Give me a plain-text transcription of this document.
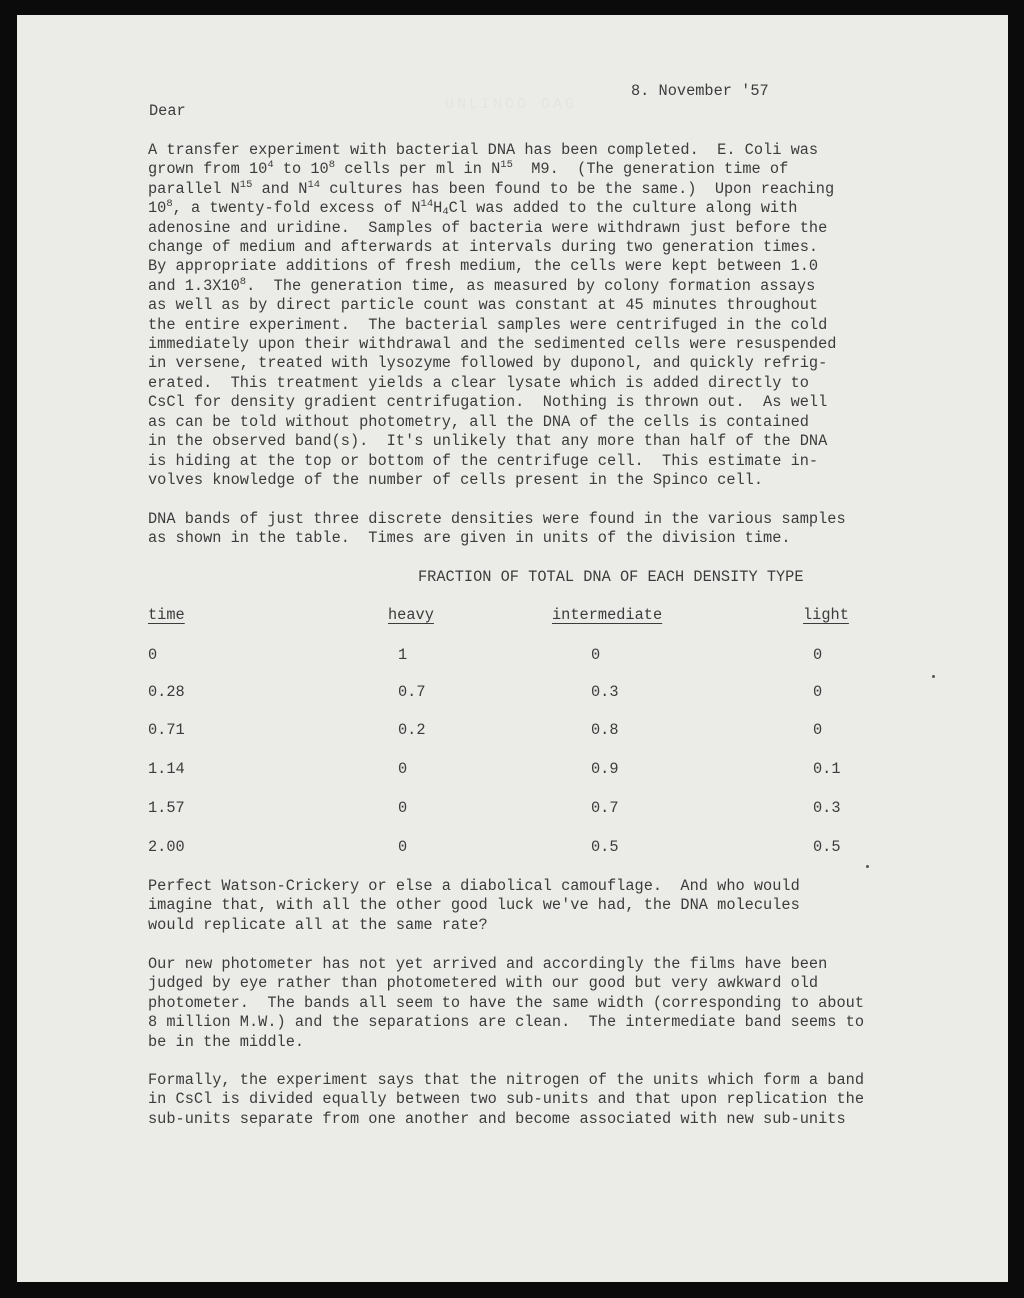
UNLINOO DAG
8. November '57
Dear
A transfer experiment with bacterial DNA has been completed.  E. Coli was
grown from $10^4$ to $10^8$ cells per ml in $N^{15}$  M9.  (The generation time of
parallel $N^{15}$ and $N^{14}$ cultures has been found to be the same.)  Upon reaching
$10^8$, a twenty-fold excess of $N^{14}H_4Cl$ was added to the culture along with
adenosine and uridine.  Samples of bacteria were withdrawn just before the
change of medium and afterwards at intervals during two generation times.
By appropriate additions of fresh medium, the cells were kept between 1.0
and $1.3X10^8$.  The generation time, as measured by colony formation assays
as well as by direct particle count was constant at 45 minutes throughout
the entire experiment.  The bacterial samples were centrifuged in the cold
immediately upon their withdrawal and the sedimented cells were resuspended
in versene, treated with lysozyme followed by duponol, and quickly refrig-
erated.  This treatment yields a clear lysate which is added directly to
CsCl for density gradient centrifugation.  Nothing is thrown out.  As well
as can be told without photometry, all the DNA of the cells is contained
in the observed band(s).  It's unlikely that any more than half of the DNA
is hiding at the top or bottom of the centrifuge cell.  This estimate in-
volves knowledge of the number of cells present in the Spinco cell.
DNA bands of just three discrete densities were found in the various samples
as shown in the table.  Times are given in units of the division time.
FRACTION OF TOTAL DNA OF EACH DENSITY TYPE
time	heavy	intermediate	light
0	1	0	0
0.28	0.7	0.3	0
0.71	0.2	0.8	0
1.14	0	0.9	0.1
1.57	0	0.7	0.3
2.00	0	0.5	0.5
Perfect Watson-Crickery or else a diabolical camouflage.  And who would
imagine that, with all the other good luck we've had, the DNA molecules
would replicate all at the same rate?
Our new photometer has not yet arrived and accordingly the films have been
judged by eye rather than photometered with our good but very awkward old
photometer.  The bands all seem to have the same width (corresponding to about
8 million M.W.) and the separations are clean.  The intermediate band seems to
be in the middle.
Formally, the experiment says that the nitrogen of the units which form a band
in CsCl is divided equally between two sub-units and that upon replication the
sub-units separate from one another and become associated with new sub-units
